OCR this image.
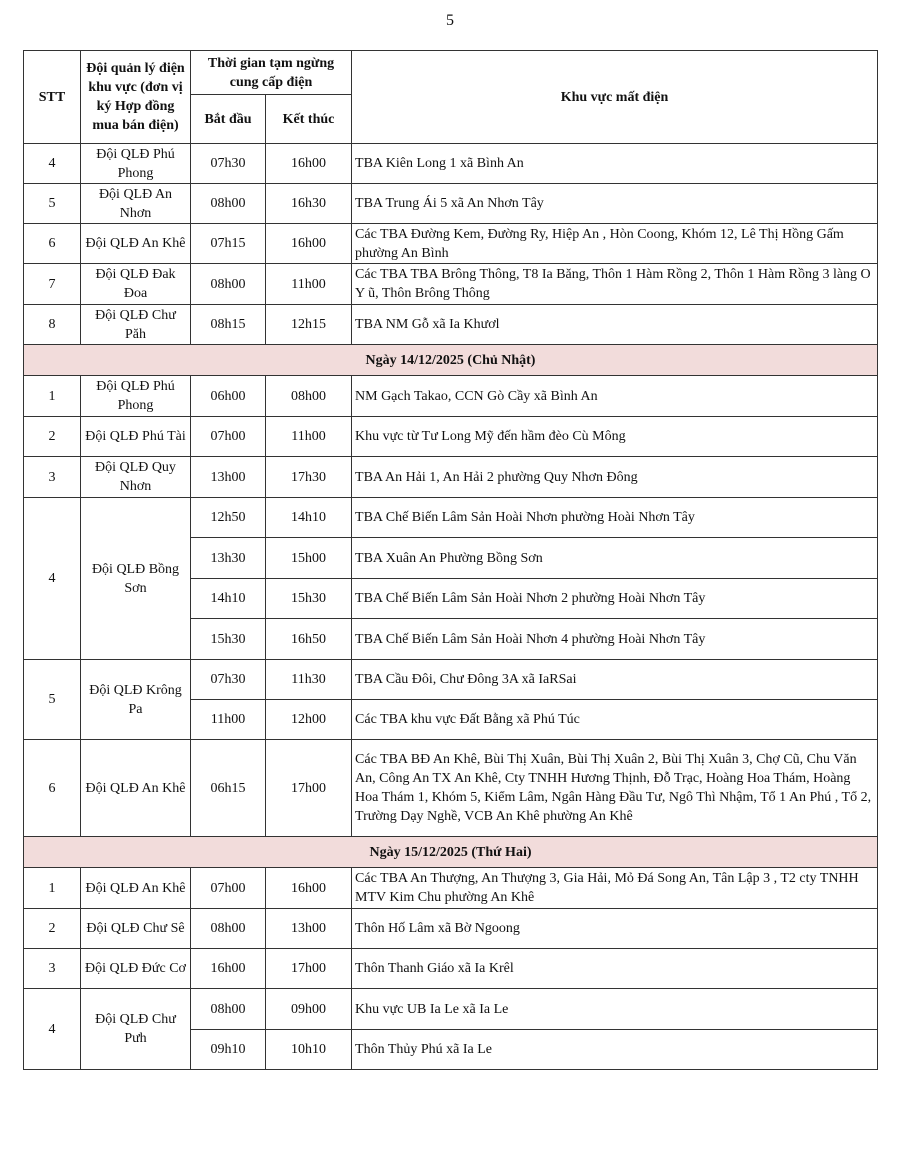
5
STT	Đội quản lý điện khu vực (đơn vị ký Hợp đồng mua bán điện)	Thời gian tạm ngừng cung cấp điện		Khu vực mất điện
		Bắt đầu	Kết thúc	
4	Đội QLĐ Phú Phong	07h30	16h00	TBA Kiên Long 1 xã Bình An
5	Đội QLĐ An Nhơn	08h00	16h30	TBA Trung Ái 5 xã An Nhơn Tây
6	Đội QLĐ An Khê	07h15	16h00	Các TBA Đường Kem, Đường Ry, Hiệp An , Hòn Coong, Khóm 12, Lê Thị Hồng Gấm phường An Bình
7	Đội QLĐ Đak Đoa	08h00	11h00	Các TBA TBA Brông Thông, T8 Ia Băng, Thôn 1 Hàm Rồng 2, Thôn 1 Hàm Rồng 3 làng O Y ũ, Thôn Brông Thông
8	Đội QLĐ Chư Păh	08h15	12h15	TBA NM Gỗ xã Ia Khươl
Ngày 14/12/2025 (Chủ Nhật)				
1	Đội QLĐ Phú Phong	06h00	08h00	NM Gạch Takao, CCN Gò Cầy xã Bình An
2	Đội QLĐ Phú Tài	07h00	11h00	Khu vực từ Tư Long Mỹ đến hầm đèo Cù Mông
3	Đội QLĐ Quy Nhơn	13h00	17h30	TBA An Hải 1, An Hải 2 phường Quy Nhơn Đông
4	Đội QLĐ Bồng Sơn	12h50	14h10	TBA Chế Biến Lâm Sản Hoài Nhơn phường Hoài Nhơn Tây
		13h30	15h00	TBA Xuân An Phường Bồng Sơn
		14h10	15h30	TBA Chế Biến Lâm Sản Hoài Nhơn 2 phường Hoài Nhơn Tây
		15h30	16h50	TBA Chế Biến Lâm Sản Hoài Nhơn 4 phường Hoài Nhơn Tây
5	Đội QLĐ Krông Pa	07h30	11h30	TBA Cầu Đôi, Chư Đông 3A xã IaRSai
		11h00	12h00	Các TBA khu vực Đất Bằng xã Phú Túc
6	Đội QLĐ An Khê	06h15	17h00	Các TBA BĐ An Khê, Bùi Thị Xuân, Bùi Thị Xuân 2, Bùi Thị Xuân 3, Chợ Cũ, Chu Văn An, Công An TX An Khê, Cty TNHH Hương Thịnh, Đỗ Trạc, Hoàng Hoa Thám, Hoàng Hoa Thám 1, Khóm 5, Kiểm Lâm, Ngân Hàng Đầu Tư, Ngô Thì Nhậm, Tổ 1 An Phú , Tổ 2, Trường Dạy Nghề, VCB An Khê phường An Khê
Ngày 15/12/2025 (Thứ Hai)				
1	Đội QLĐ An Khê	07h00	16h00	Các TBA An Thượng, An Thượng 3, Gia Hải, Mỏ Đá Song An, Tân Lập 3 , T2 cty TNHH MTV Kim Chu phường An Khê
2	Đội QLĐ Chư Sê	08h00	13h00	Thôn Hố Lâm xã Bờ Ngoong
3	Đội QLĐ Đức Cơ	16h00	17h00	Thôn Thanh Giáo xã Ia Krêl
4	Đội QLĐ Chư Pưh	08h00	09h00	Khu vực UB Ia Le xã Ia Le
		09h10	10h10	Thôn Thủy Phú xã Ia Le
